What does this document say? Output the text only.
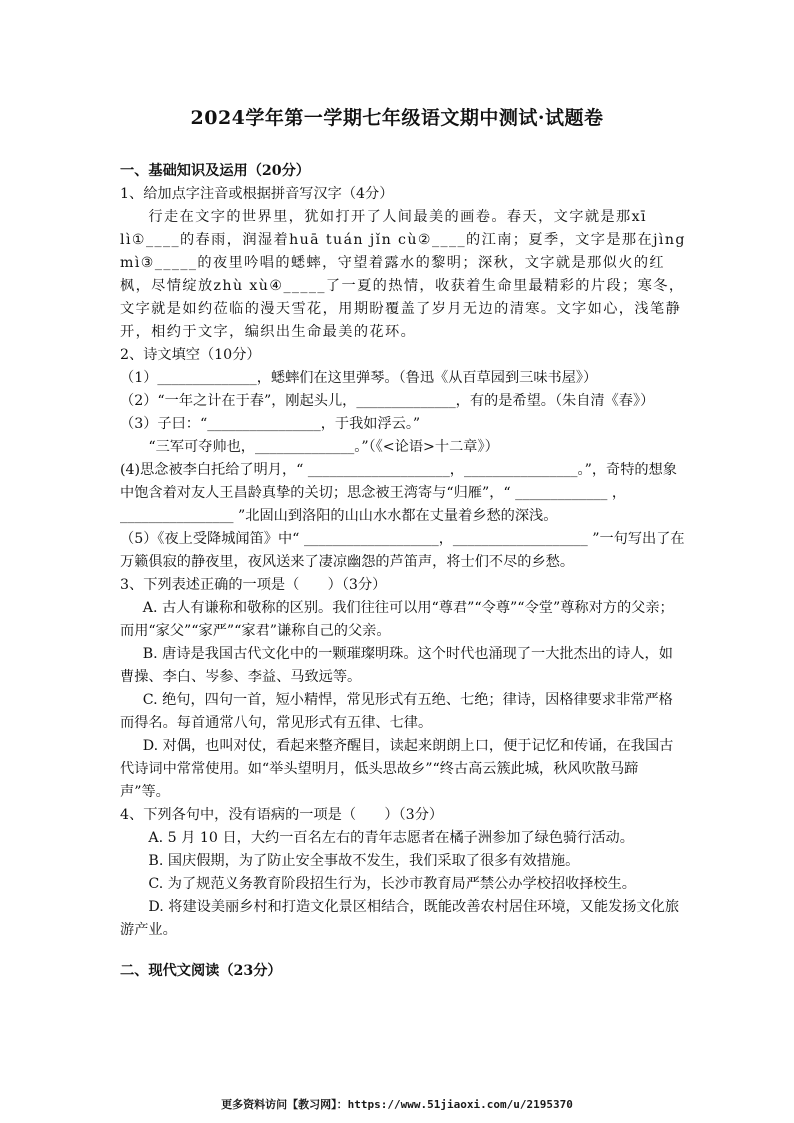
2024学年第一学期七年级语文期中测试·试题卷

一、基础知识及运用（20分）

1、给加点字注音或根据拼音写汉字（4分）

行走在文字的世界里，犹如打开了人间最美的画卷。春天，文字就是那xī lì①____的春雨，润湿着huā tuán jǐn cù②____的江南；夏季，文字是那在jìng mì③_____的夜里吟唱的蟋蟀，守望着露水的黎明；深秋，文字就是那似火的红枫，尽情绽放zhù xù④_____了一夏的热情，收获着生命里最精彩的片段；寒冬，文字就是如约莅临的漫天雪花，用期盼覆盖了岁月无边的清寒。文字如心，浅笔静开，相约于文字，编织出生命最美的花环。

2、诗文填空（10分）

（1）______________，蟋蟀们在这里弹琴。（鲁迅《从百草园到三味书屋》）

（2）“一年之计在于春”，刚起头儿，______________，有的是希望。（朱自清《春》）

（3）子曰：“________________，于我如浮云。”

“三军可夺帅也，______________。”（《<论语>十二章》）

(4)思念被李白托给了明月，“ ____________________，________________。”，奇特的想象中饱含着对友人王昌龄真挚的关切；思念被王湾寄与“归雁”，“ _____________ ，________________ ”北固山到洛阳的山山水水都在丈量着乡愁的深浅。

（5）《夜上受降城闻笛》中“ ___________________，___________________ ”一句写出了在万籁俱寂的静夜里，夜风送来了凄凉幽怨的芦笛声，将士们不尽的乡愁。

3、下列表述正确的一项是（　　）（3分）

A. 古人有谦称和敬称的区别。我们往往可以用“尊君”“令尊”“令堂”尊称对方的父亲；而用“家父”“家严”“家君”谦称自己的父亲。

B. 唐诗是我国古代文化中的一颗璀璨明珠。这个时代也涌现了一大批杰出的诗人，如曹操、李白、岑参、李益、马致远等。

C. 绝句，四句一首，短小精悍，常见形式有五绝、七绝；律诗，因格律要求非常严格而得名。每首通常八句，常见形式有五律、七律。

D. 对偶，也叫对仗，看起来整齐醒目，读起来朗朗上口，便于记忆和传诵，在我国古代诗词中常常使用。如“举头望明月，低头思故乡”“终古高云簇此城，秋风吹散马蹄声”等。

4、下列各句中，没有语病的一项是（　　）（3分）

A. 5 月 10 日，大约一百名左右的青年志愿者在橘子洲参加了绿色骑行活动。

B. 国庆假期，为了防止安全事故不发生，我们采取了很多有效措施。

C. 为了规范义务教育阶段招生行为，长沙市教育局严禁公办学校招收择校生。

D. 将建设美丽乡村和打造文化景区相结合，既能改善农村居住环境，又能发扬文化旅游产业。

二、现代文阅读（23分）

更多资料访问【教习网】：https://www.51jiaoxi.com/u/2195370
